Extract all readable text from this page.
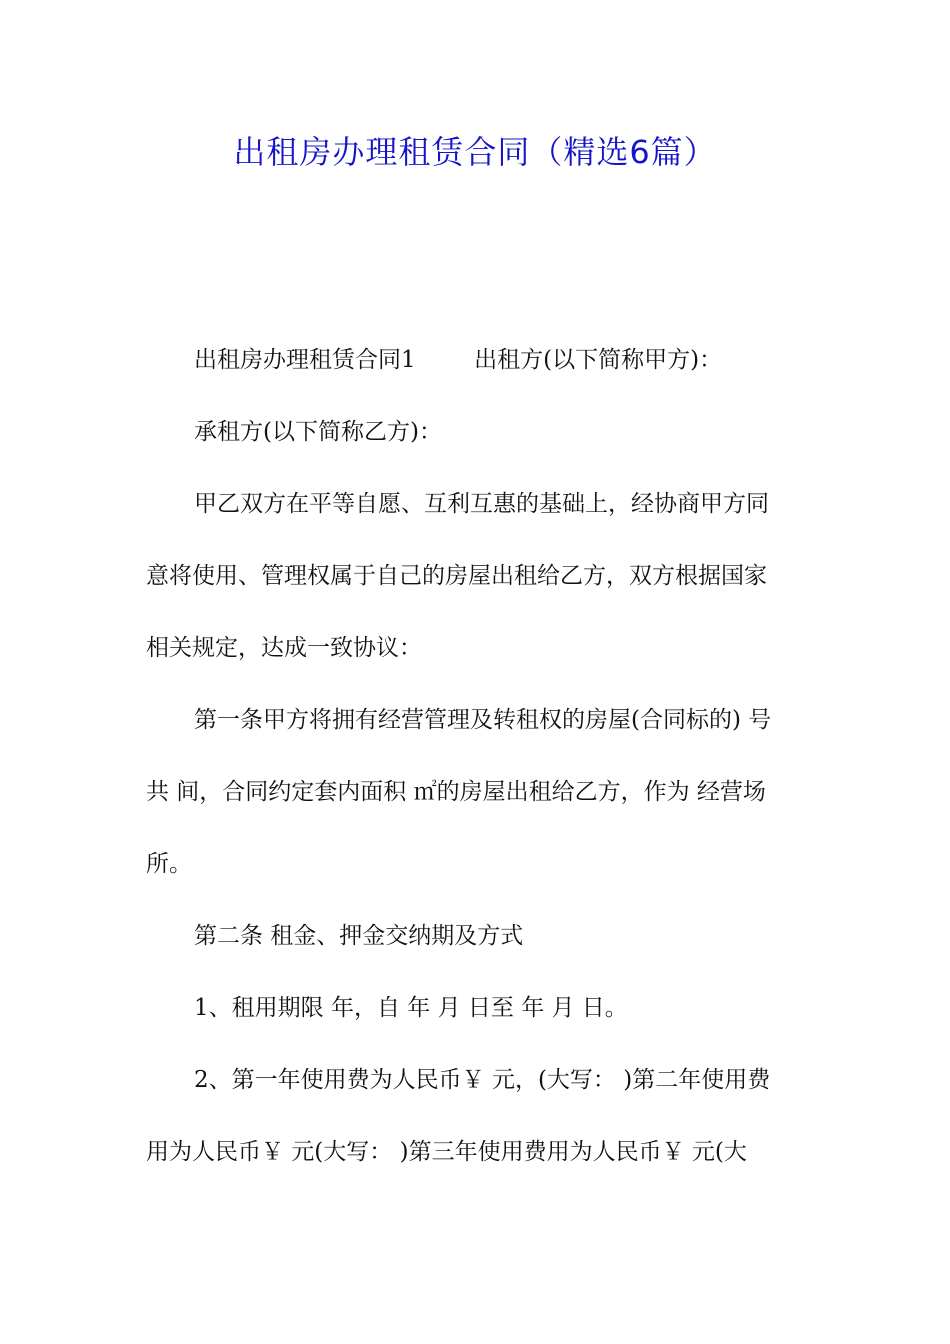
出租房办理租赁合同（精选6篇）
出租房办理租赁合同1        出租方(以下简称甲方)：
承租方(以下简称乙方)：
甲乙双方在平等自愿、互利互惠的基础上，经协商甲方同
意将使用、管理权属于自己的房屋出租给乙方，双方根据国家
相关规定，达成一致协议：
第一条甲方将拥有经营管理及转租权的房屋(合同标的) 号
共 间，合同约定套内面积 ㎡的房屋出租给乙方，作为 经营场
所。
第二条 租金、押金交纳期及方式
1、租用期限 年，自 年 月 日至 年 月 日。
2、第一年使用费为人民币￥ 元，(大写： )第二年使用费
用为人民币￥ 元(大写： )第三年使用费用为人民币￥ 元(大
